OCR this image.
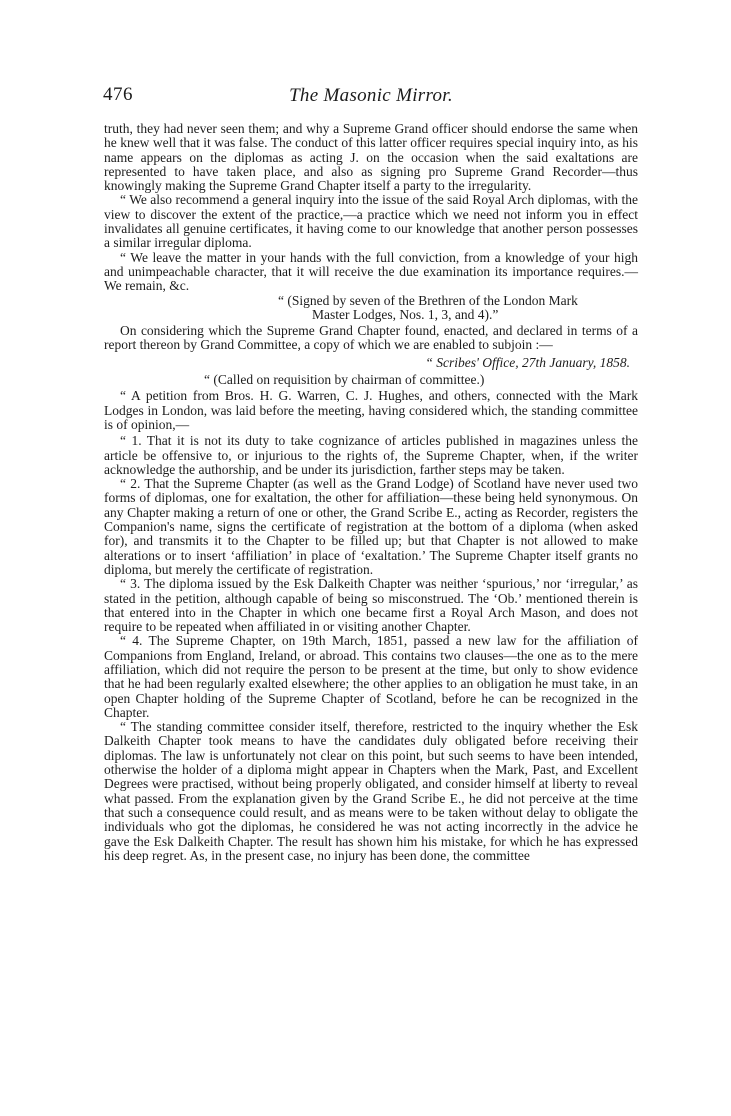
476	The Masonic Mirror.

truth, they had never seen them; and why a Supreme Grand officer should endorse the same when he knew well that it was false. The conduct of this latter officer requires special inquiry into, as his name appears on the diplomas as acting J. on the occasion when the said exaltations are represented to have taken place, and also as signing pro Supreme Grand Recorder—thus knowingly making the Supreme Grand Chapter itself a party to the irregularity.

“ We also recommend a general inquiry into the issue of the said Royal Arch diplomas, with the view to discover the extent of the practice,—a practice which we need not inform you in effect invalidates all genuine certificates, it having come to our knowledge that another person possesses a similar irregular diploma.

“ We leave the matter in your hands with the full conviction, from a knowledge of your high and unimpeachable character, that it will receive the due examination its importance requires.—We remain, &c.

“ (Signed by seven of the Brethren of the London Mark

Master Lodges, Nos. 1, 3, and 4).”

On considering which the Supreme Grand Chapter found, enacted, and declared in terms of a report thereon by Grand Committee, a copy of which we are enabled to subjoin :—

“ Scribes' Office, 27th January, 1858.

“ (Called on requisition by chairman of committee.)

“ A petition from Bros. H. G. Warren, C. J. Hughes, and others, connected with the Mark Lodges in London, was laid before the meeting, having considered which, the standing committee is of opinion,—

“ 1. That it is not its duty to take cognizance of articles published in magazines unless the article be offensive to, or injurious to the rights of, the Supreme Chapter, when, if the writer acknowledge the authorship, and be under its jurisdiction, farther steps may be taken.

“ 2. That the Supreme Chapter (as well as the Grand Lodge) of Scotland have never used two forms of diplomas, one for exaltation, the other for affiliation—these being held synonymous. On any Chapter making a return of one or other, the Grand Scribe E., acting as Recorder, registers the Companion's name, signs the certificate of registration at the bottom of a diploma (when asked for), and transmits it to the Chapter to be filled up; but that Chapter is not allowed to make alterations or to insert ‘affiliation’ in place of ‘exaltation.’ The Supreme Chapter itself grants no diploma, but merely the certificate of registration.

“ 3. The diploma issued by the Esk Dalkeith Chapter was neither ‘spurious,’ nor ‘irregular,’ as stated in the petition, although capable of being so misconstrued. The ‘Ob.’ mentioned therein is that entered into in the Chapter in which one became first a Royal Arch Mason, and does not require to be repeated when affiliated in or visiting another Chapter.

“ 4. The Supreme Chapter, on 19th March, 1851, passed a new law for the affiliation of Companions from England, Ireland, or abroad. This contains two clauses—the one as to the mere affiliation, which did not require the person to be present at the time, but only to show evidence that he had been regularly exalted elsewhere; the other applies to an obligation he must take, in an open Chapter holding of the Supreme Chapter of Scotland, before he can be recognized in the Chapter.

“ The standing committee consider itself, therefore, restricted to the inquiry whether the Esk Dalkeith Chapter took means to have the candidates duly obligated before receiving their diplomas. The law is unfortunately not clear on this point, but such seems to have been intended, otherwise the holder of a diploma might appear in Chapters when the Mark, Past, and Excellent Degrees were practised, without being properly obligated, and consider himself at liberty to reveal what passed. From the explanation given by the Grand Scribe E., he did not perceive at the time that such a consequence could result, and as means were to be taken without delay to obligate the individuals who got the diplomas, he considered he was not acting incorrectly in the advice he gave the Esk Dalkeith Chapter. The result has shown him his mistake, for which he has expressed his deep regret. As, in the present case, no injury has been done, the committee
